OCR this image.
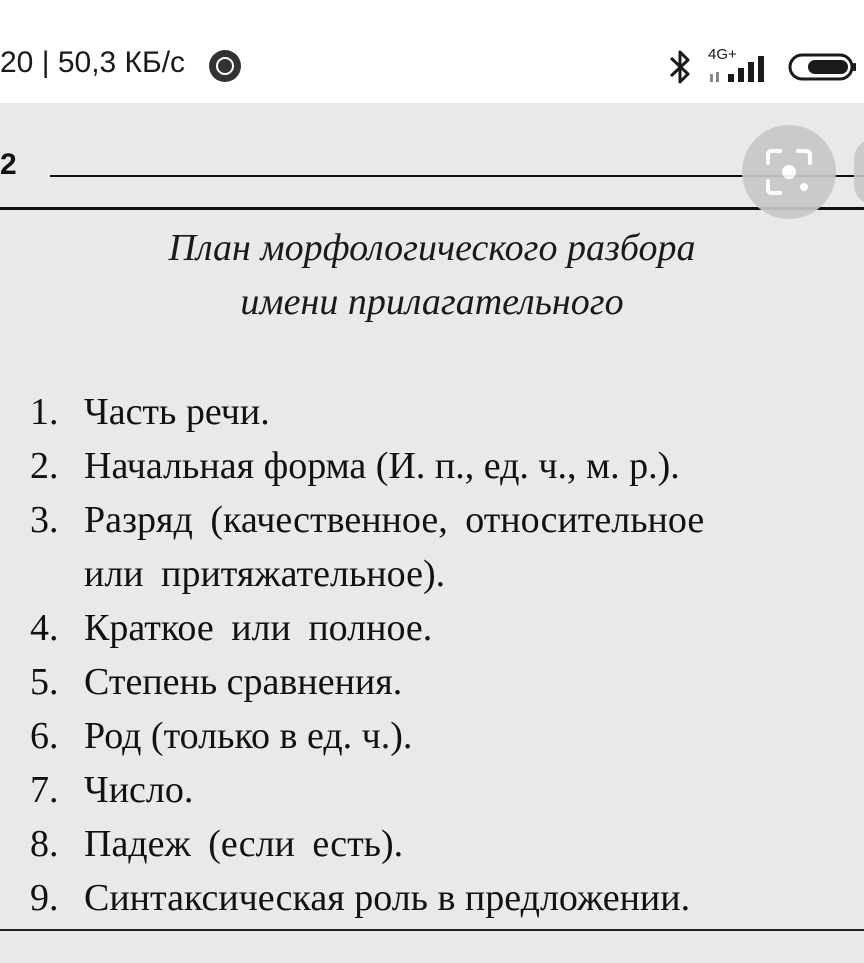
20 | 50,3 КБ/с	4G+
2
План морфологического разбора
имени прилагательного
1. Часть речи.
2. Начальная форма (И. п., ед. ч., м. р.).
3. Разряд (качественное, относительное
или притяжательное).
4. Краткое или полное.
5. Степень сравнения.
6. Род (только в ед. ч.).
7. Число.
8. Падеж (если есть).
9. Синтаксическая роль в предложении.
